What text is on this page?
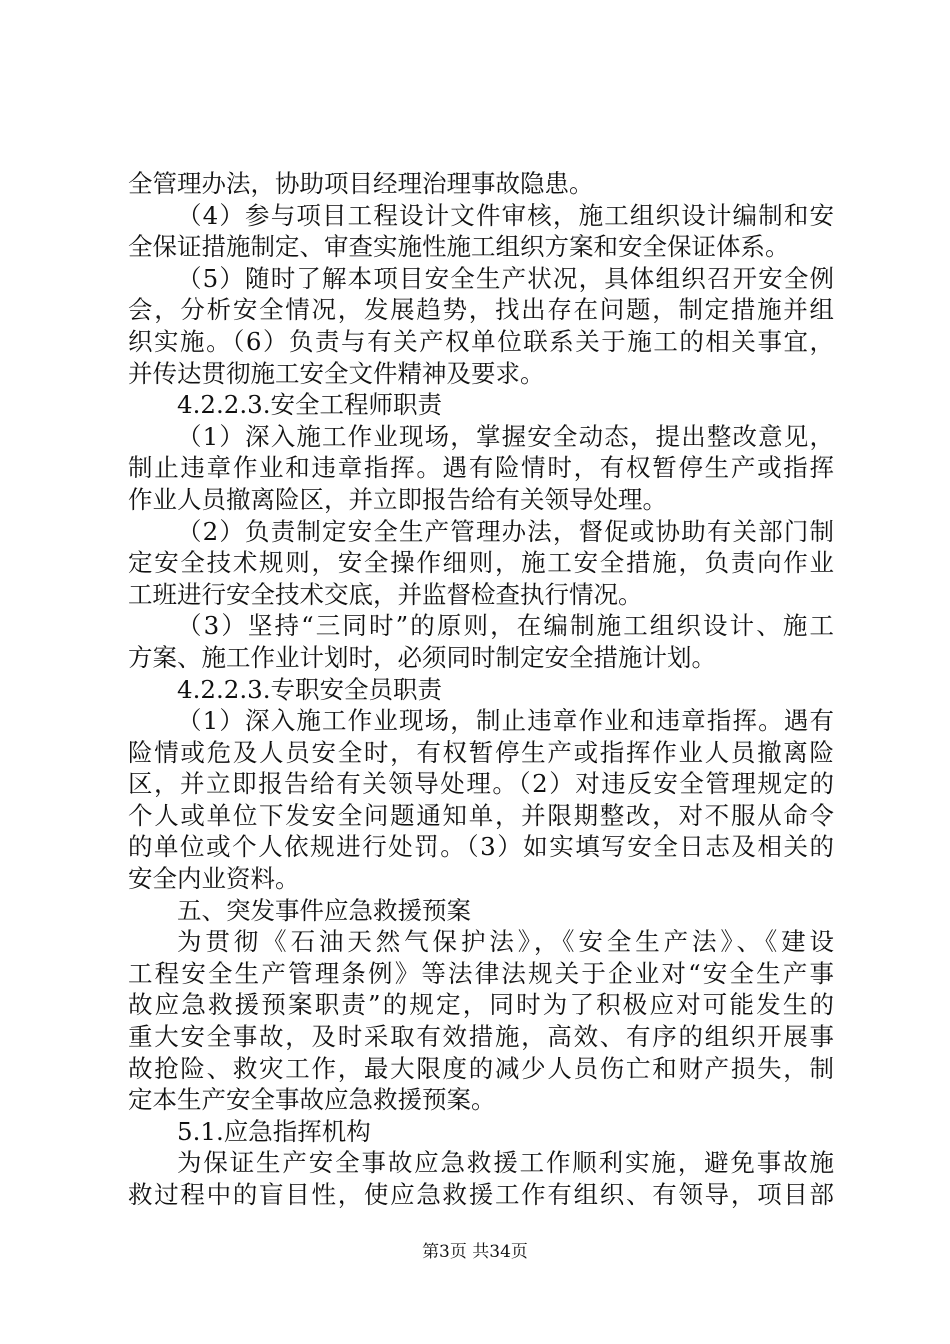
全管理办法，协助项目经理治理事故隐患。
（4）参与项目工程设计文件审核，施工组织设计编制和安
全保证措施制定、审查实施性施工组织方案和安全保证体系。
（5）随时了解本项目安全生产状况，具体组织召开安全例
会，分析安全情况，发展趋势，找出存在问题，制定措施并组
织实施。（6）负责与有关产权单位联系关于施工的相关事宜，
并传达贯彻施工安全文件精神及要求。
4.2.2.3.安全工程师职责
（1）深入施工作业现场，掌握安全动态，提出整改意见，
制止违章作业和违章指挥。遇有险情时，有权暂停生产或指挥
作业人员撤离险区，并立即报告给有关领导处理。
（2）负责制定安全生产管理办法，督促或协助有关部门制
定安全技术规则，安全操作细则，施工安全措施，负责向作业
工班进行安全技术交底，并监督检查执行情况。
（3）坚持“三同时”的原则，在编制施工组织设计、施工
方案、施工作业计划时，必须同时制定安全措施计划。
4.2.2.3.专职安全员职责
（1）深入施工作业现场，制止违章作业和违章指挥。遇有
险情或危及人员安全时，有权暂停生产或指挥作业人员撤离险
区，并立即报告给有关领导处理。（2）对违反安全管理规定的
个人或单位下发安全问题通知单，并限期整改，对不服从命令
的单位或个人依规进行处罚。（3）如实填写安全日志及相关的
安全内业资料。
五、突发事件应急救援预案
为贯彻《石油天然气保护法》，《安全生产法》、《建设
工程安全生产管理条例》等法律法规关于企业对“安全生产事
故应急救援预案职责”的规定，同时为了积极应对可能发生的
重大安全事故，及时采取有效措施，高效、有序的组织开展事
故抢险、救灾工作，最大限度的减少人员伤亡和财产损失，制
定本生产安全事故应急救援预案。
5.1.应急指挥机构
为保证生产安全事故应急救援工作顺利实施，避免事故施
救过程中的盲目性，使应急救援工作有组织、有领导，项目部
第3页 共34页
